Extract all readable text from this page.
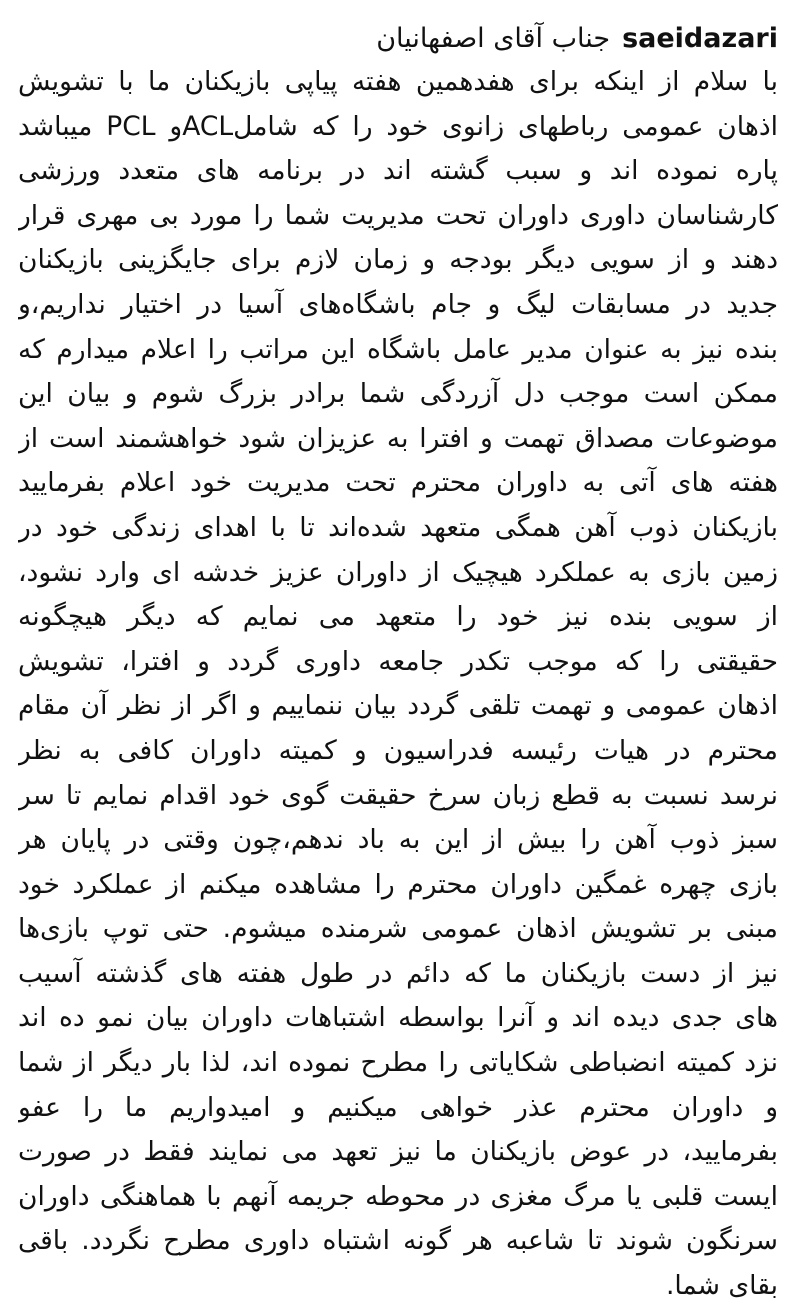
saeidazari
جناب آقای اصفهانیان
با سلام از اینکه برای هفدهمین هفته پیاپی بازیکنان ما با تشویش
اذهان عمومی رباطهای زانوی خود را که شاملACLو PCL میباشد
پاره نموده اند و سبب گشته اند در برنامه های متعدد ورزشی
کارشناسان داوری داوران تحت مدیریت شما را مورد بی مهری قرار
دهند و از سویی دیگر بودجه و زمان لازم برای جایگزینی بازیکنان
جدید در مسابقات لیگ و جام باشگاه‌های آسیا در اختیار نداریم،و
بنده نیز به عنوان مدیر عامل باشگاه این مراتب را اعلام میدارم که
ممکن است موجب دل آزردگی شما برادر بزرگ شوم و بیان این
موضوعات مصداق تهمت و افترا به عزیزان شود خواهشمند است از
هفته های آتی به داوران محترم تحت مدیریت خود اعلام بفرمایید
بازیکنان ذوب آهن همگی متعهد شده‌اند تا با اهدای زندگی خود در
زمین بازی به عملکرد هیچیک از داوران عزیز خدشه ای وارد نشود،
از سویی بنده نیز خود را متعهد می نمایم که دیگر هیچگونه
حقیقتی را که موجب تکدر جامعه داوری گردد و افترا، تشویش
اذهان عمومی و تهمت تلقی گردد بیان ننماییم و اگر از نظر آن مقام
محترم در هیات رئیسه فدراسیون و کمیته داوران کافی به نظر
نرسد نسبت به قطع زبان سرخ حقیقت گوی خود اقدام نمایم تا سر
سبز ذوب آهن را بیش از این به باد ندهم،چون وقتی در پایان هر
بازی چهره غمگین داوران محترم را مشاهده میکنم از عملکرد خود
مبنی بر تشویش اذهان عمومی شرمنده میشوم. حتی توپ بازی‌ها
نیز از دست بازیکنان ما که دائم در طول هفته های گذشته آسیب
های جدی دیده اند و آنرا بواسطه اشتباهات داوران بیان نمو ده اند
نزد کمیته انضباطی شکایاتی را مطرح نموده اند، لذا بار دیگر از شما
و داوران محترم عذر خواهی میکنیم و امیدواریم ما را عفو
بفرمایید، در عوض بازیکنان ما نیز تعهد می نمایند فقط در صورت
ایست قلبی یا مرگ مغزی در محوطه جریمه آنهم با هماهنگی داوران
سرنگون شوند تا شاعبه هر گونه اشتباه داوری مطرح نگردد. باقی
بقای شما.
